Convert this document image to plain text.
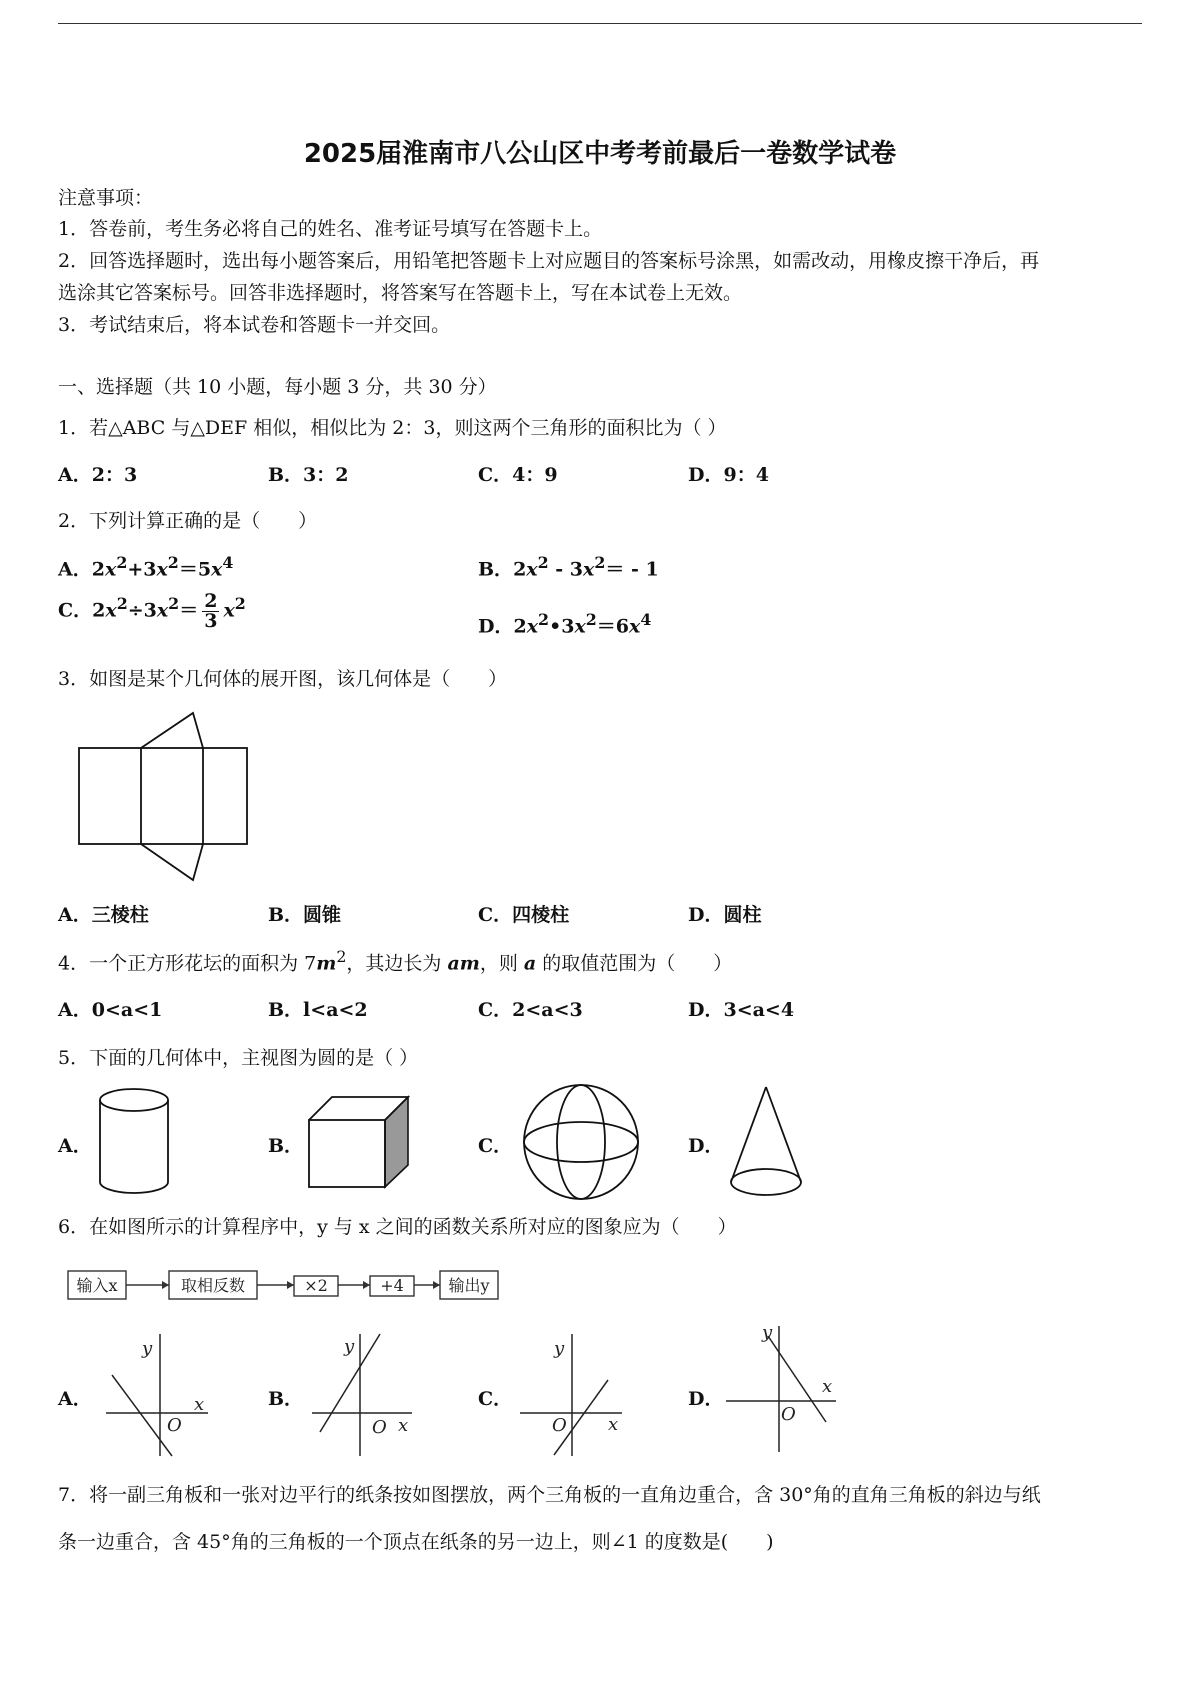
2025届淮南市八公山区中考考前最后一卷数学试卷
注意事项：
1．答卷前，考生务必将自己的姓名、准考证号填写在答题卡上。
2．回答选择题时，选出每小题答案后，用铅笔把答题卡上对应题目的答案标号涂黑，如需改动，用橡皮擦干净后，再
选涂其它答案标号。回答非选择题时，将答案写在答题卡上，写在本试卷上无效。
3．考试结束后，将本试卷和答题卡一并交回。
一、选择题（共 10 小题，每小题 3 分，共 30 分）
1．若△ABC 与△DEF 相似，相似比为 2：3，则这两个三角形的面积比为（ ）
A．2：3	B．3：2	C．4：9	D．9：4
2．下列计算正确的是（　　）
A．$2x^2+3x^2=5x^4$	B．$2x^2 - 3x^2= - 1$
C．$2x^2\div 3x^2= \frac{2}{3} x^2$
D．$2x^2•3x^2=6x^4$
3．如图是某个几何体的展开图，该几何体是（　　）
A．三棱柱	B．圆锥	C．四棱柱	D．圆柱
4．一个正方形花坛的面积为 $7m^2$，其边长为 am，则 a 的取值范围为（　　）
A．0<a<1	B．l<a<2	C．2<a<3	D．3<a<4
5．下面的几何体中，主视图为圆的是（ ）
A．	B．	C．	D．
6．在如图所示的计算程序中，y 与 x 之间的函数关系所对应的图象应为（　　）
输入x	取相反数	×2	+4	输出y
A．	B．	C．	D．
y
x
O
y
x
O
y
x
O
y
x
O
7．将一副三角板和一张对边平行的纸条按如图摆放，两个三角板的一直角边重合，含 30°角的直角三角板的斜边与纸
条一边重合，含 45°角的三角板的一个顶点在纸条的另一边上，则∠1 的度数是(　　)
